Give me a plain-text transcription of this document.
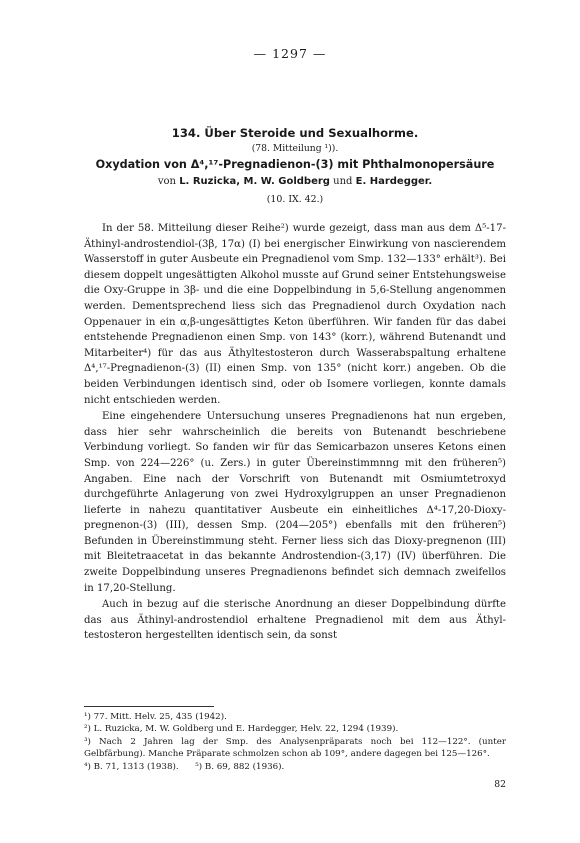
— 1297 —
134. Über Steroide und Sexualhorme.
(78. Mitteilung ¹)).
Oxydation von Δ⁴,¹⁷-Pregnadienon-(3) mit Phthalmonopersäure
von L. Ruzicka, M. W. Goldberg und E. Hardegger.
(10. IX. 42.)

In der 58. Mitteilung dieser Reihe²) wurde gezeigt, dass man aus dem Δ⁵-17-Äthinyl-androstendiol-(3β, 17α) (I) bei energischer Einwirkung von nascierendem Wasserstoff in guter Ausbeute ein Pregnadienol vom Smp. 132—133° erhält³). Bei diesem doppelt ungesättigten Alkohol musste auf Grund seiner Entstehungsweise die Oxy-Gruppe in 3β- und die eine Doppelbindung in 5,6-Stellung angenommen werden. Dementsprechend liess sich das Pregnadienol durch Oxydation nach Oppenauer in ein α,β-ungesättigtes Keton überführen. Wir fanden für das dabei entstehende Pregnadienon einen Smp. von 143° (korr.), während Butenandt und Mitarbeiter⁴) für das aus Äthyltestosteron durch Wasserabspaltung erhaltene Δ⁴,¹⁷-Pregnadienon-(3) (II) einen Smp. von 135° (nicht korr.) angeben. Ob die beiden Verbindungen identisch sind, oder ob Isomere vorliegen, konnte damals nicht entschieden werden.

Eine eingehendere Untersuchung unseres Pregnadienons hat nun ergeben, dass hier sehr wahrscheinlich die bereits von Butenandt beschriebene Verbindung vorliegt. So fanden wir für das Semicarbazon unseres Ketons einen Smp. von 224—226° (u. Zers.) in guter Übereinstimmnng mit den früheren⁵) Angaben. Eine nach der Vorschrift von Butenandt mit Osmiumtetroxyd durchgeführte Anlagerung von zwei Hydroxylgruppen an unser Pregnadienon lieferte in nahezu quantitativer Ausbeute ein einheitliches Δ⁴-17,20-Dioxy-pregnenon-(3) (III), dessen Smp. (204—205°) ebenfalls mit den früheren⁵) Befunden in Übereinstimmung steht. Ferner liess sich das Dioxy-pregnenon (III) mit Bleitetraacetat in das bekannte Androstendion-(3,17) (IV) überführen. Die zweite Doppelbindung unseres Pregnadienons befindet sich demnach zweifellos in 17,20-Stellung.

Auch in bezug auf die sterische Anordnung an dieser Doppelbindung dürfte das aus Äthinyl-androstendiol erhaltene Pregnadienol mit dem aus Äthyl-testosteron hergestellten identisch sein, da sonst

¹) 77. Mitt. Helv. 25, 435 (1942).
²) L. Ruzicka, M. W. Goldberg und E. Hardegger, Helv. 22, 1294 (1939).
³) Nach 2 Jahren lag der Smp. des Analysenpräparats noch bei 112—122°. (unter Gelbfärbung). Manche Präparate schmolzen schon ab 109°, andere dagegen bei 125—126°.
⁴) B. 71, 1313 (1938).      ⁵) B. 69, 882 (1936).
82
